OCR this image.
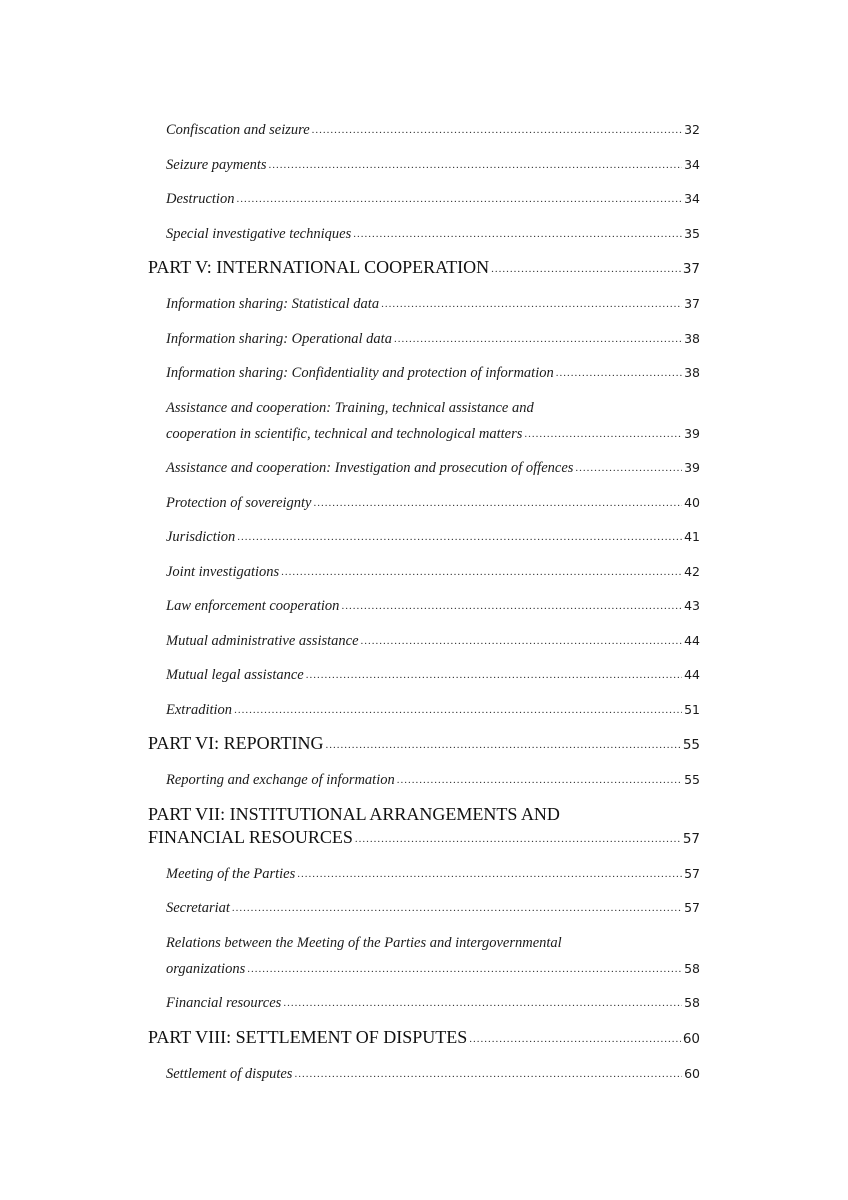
Confiscation and seizure .....	32
Seizure payments .....	34
Destruction .....	34
Special investigative techniques .....	35
PART V: INTERNATIONAL COOPERATION .....	37
Information sharing: Statistical data .....	37
Information sharing: Operational data .....	38
Information sharing: Confidentiality and protection of information .....	38
Assistance and cooperation: Training, technical assistance and
cooperation in scientific, technical and technological matters .....	39
Assistance and cooperation: Investigation and prosecution of offences .....	39
Protection of sovereignty .....	40
Jurisdiction .....	41
Joint investigations .....	42
Law enforcement cooperation .....	43
Mutual administrative assistance .....	44
Mutual legal assistance .....	44
Extradition .....	51
PART VI: REPORTING .....	55
Reporting and exchange of information .....	55
PART VII: INSTITUTIONAL ARRANGEMENTS AND
FINANCIAL RESOURCES .....	57
Meeting of the Parties .....	57
Secretariat .....	57
Relations between the Meeting of the Parties and intergovernmental
organizations .....	58
Financial resources .....	58
PART VIII: SETTLEMENT OF DISPUTES .....	60
Settlement of disputes .....	60
